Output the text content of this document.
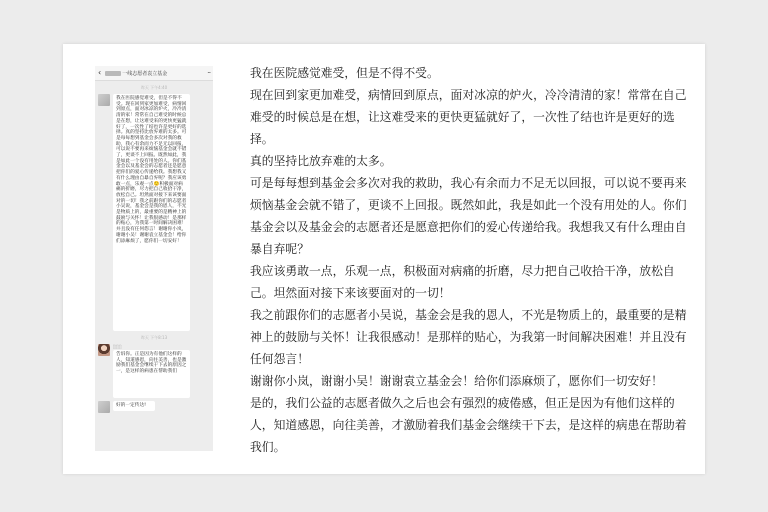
‹	一线志愿者袁立基金	···
昨天 下午4:40
我在医院感觉难受，但是不得不受。现在回到家更加难受，病情回到原点，面对冰凉的炉火，冷冷清清的家！常常在自己难受的时候总是在想，让这难受来的更快更猛就好了，一次性了结也许是更好的选择。真的坚持比放弃难的太多。可是每每想到基金会多次对我的救助，我心有余而力不足无以回报，可以说不要再来烦恼基金会就不错了，更谈不上回报。既然如此，我是如此一个没有用处的人。你们基金会以及基金会的志愿者还是愿意把你们的爱心传递给我。我想我又有什么理由自暴自弃呢？我应该勇敢一点，乐观一点🙂积极面对病痛的折磨，尽力把自己收拾干净，放松自己。坦然面对接下来该要面对的一切！我之前跟你们的志愿者小吴说，基金会是我的恩人，不光是物质上的，最重要的是精神上的鼓励与关怀！让我很感动！是那样的贴心，为我第一时间解决困难！并且没有任何怨言！谢谢你小岚，谢谢小吴！谢谢袁立基金会！给你们添麻烦了，愿你们一切安好！
昨天 下午8:13
░░░
告诉你。正是因为有他们这样的人，知道感恩，向往美善，也是激励我们基金会继续干下去的原因之一，是这样的病患在帮助我们
好的一定传达!

我在医院感觉难受，但是不得不受。

现在回到家更加难受，病情回到原点，面对冰凉的炉火，冷冷清清的家！常常在自己难受的时候总是在想，让这难受来的更快更猛就好了，一次性了结也许是更好的选择。

真的坚持比放弃难的太多。

可是每每想到基金会多次对我的救助，我心有余而力不足无以回报，可以说不要再来烦恼基金会就不错了，更谈不上回报。既然如此，我是如此一个没有用处的人。你们基金会以及基金会的志愿者还是愿意把你们的爱心传递给我。我想我又有什么理由自暴自弃呢？

我应该勇敢一点，乐观一点，积极面对病痛的折磨，尽力把自己收拾干净，放松自己。坦然面对接下来该要面对的一切！

我之前跟你们的志愿者小吴说，基金会是我的恩人，不光是物质上的，最重要的是精神上的鼓励与关怀！让我很感动！是那样的贴心，为我第一时间解决困难！并且没有任何怨言！

谢谢你小岚，谢谢小吴！谢谢袁立基金会！给你们添麻烦了，愿你们一切安好！

是的，我们公益的志愿者做久之后也会有强烈的疲倦感，但正是因为有他们这样的人，知道感恩，向往美善，才激励着我们基金会继续干下去，是这样的病患在帮助着我们。
